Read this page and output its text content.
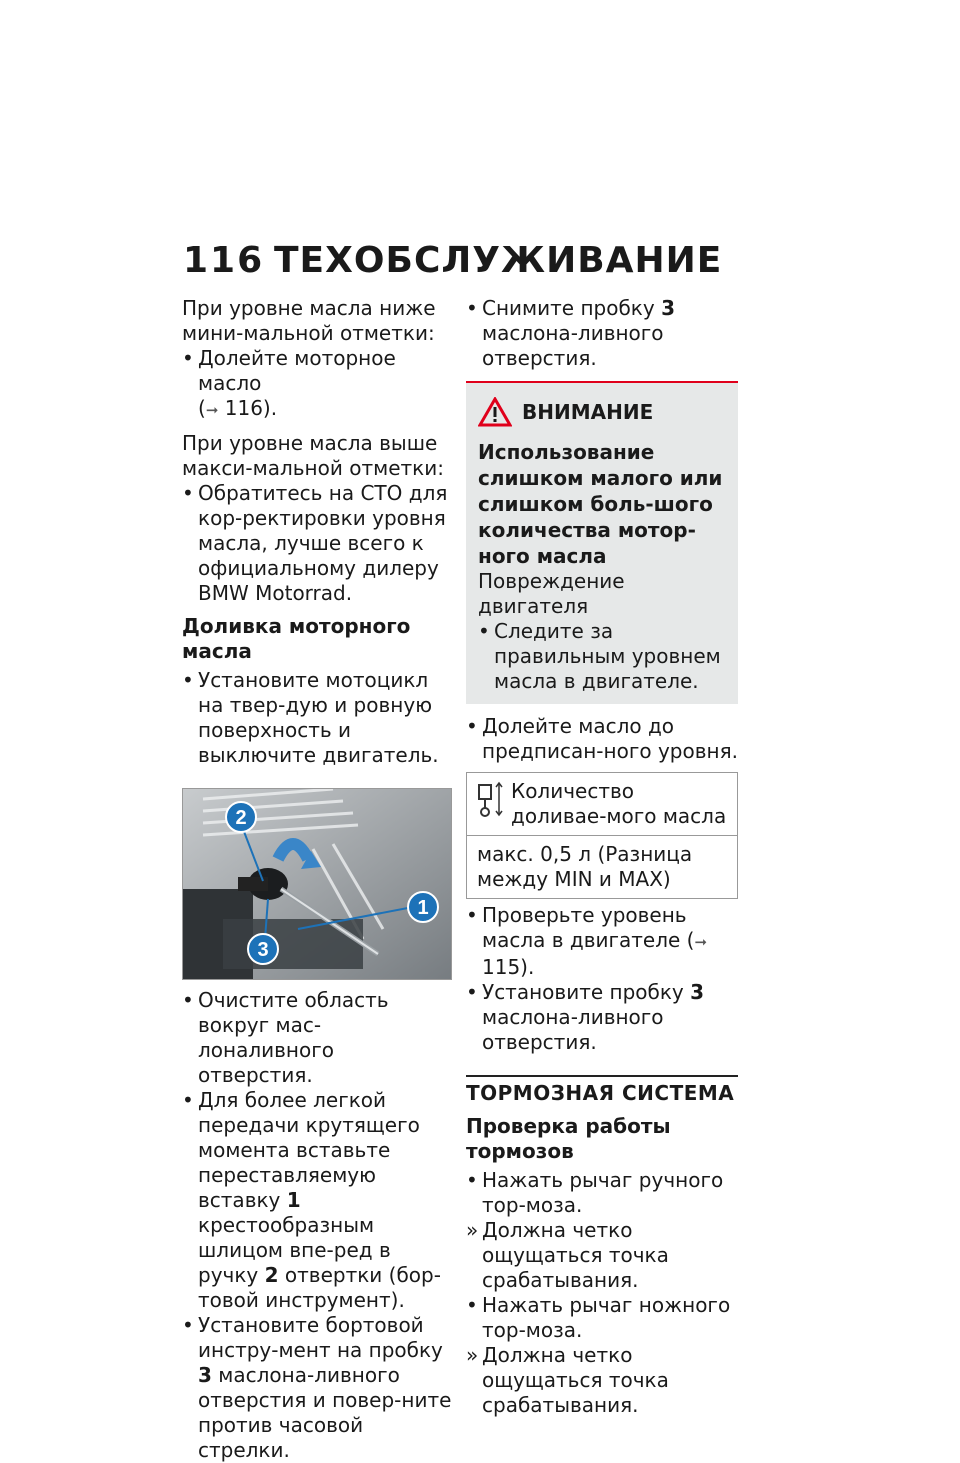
116 ТЕХОБСЛУЖИВАНИЕ

При уровне масла ниже мини-мальной отметки:

• Долейте моторное масло
(➞ 116).

При уровне масла выше макси-мальной отметки:

• Обратитесь на СТО для кор-ректировки уровня масла, лучше всего к официальному дилеру BMW Motorrad.

Доливка моторного масла

• Установите мотоцикл на твер-дую и ровную поверхность и выключите двигатель.

1
2
3

• Очистите область вокруг мас-лоналивного отверстия.

• Для более легкой передачи крутящего момента вставьте переставляемую вставку 1 крестообразным шлицом впе-ред в ручку 2 отвертки (бор-товой инструмент).

• Установите бортовой инстру-мент на пробку 3 маслона-ливного отверстия и повер-ните против часовой стрелки.

• Снимите пробку 3 маслона-ливного отверстия.

ВНИМАНИЕ

Использование слишком малого или слишком боль-шого количества мотор-ного масла

Повреждение двигателя

• Следите за правильным уровнем масла в двигателе.

• Долейте масло до предписан-ного уровня.

Количество доливае-мого масла
макс. 0,5 л (Разница между MIN и MAX)

• Проверьте уровень масла в двигателе (➞ 115).

• Установите пробку 3 маслона-ливного отверстия.

ТОРМОЗНАЯ СИСТЕМА
Проверка работы тормозов

• Нажать рычаг ручного тор-моза.

» Должна четко ощущаться точка срабатывания.

• Нажать рычаг ножного тор-моза.

» Должна четко ощущаться точка срабатывания.
